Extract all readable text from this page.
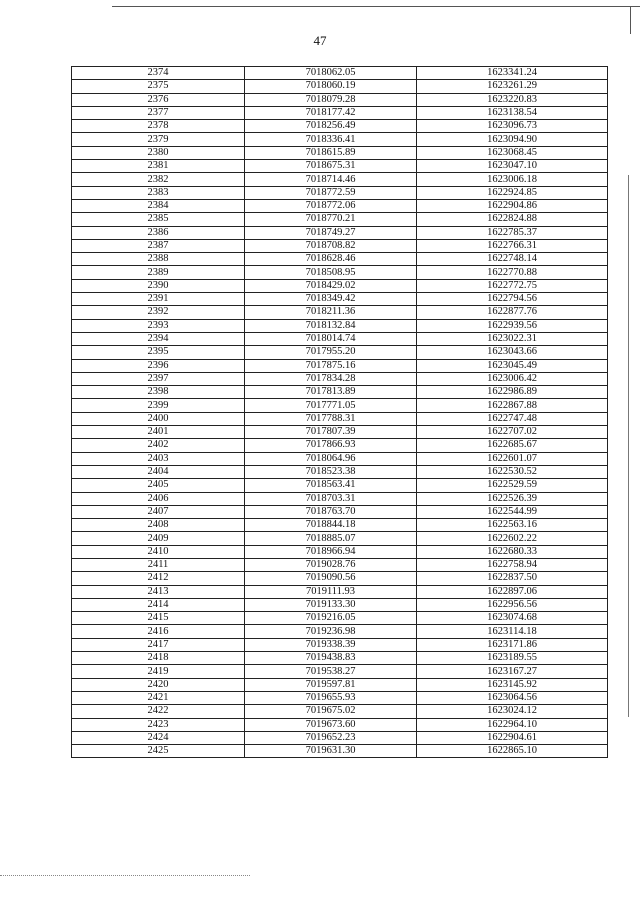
47
2374	7018062.05	1623341.24
2375	7018060.19	1623261.29
2376	7018079.28	1623220.83
2377	7018177.42	1623138.54
2378	7018256.49	1623096.73
2379	7018336.41	1623094.90
2380	7018615.89	1623068.45
2381	7018675.31	1623047.10
2382	7018714.46	1623006.18
2383	7018772.59	1622924.85
2384	7018772.06	1622904.86
2385	7018770.21	1622824.88
2386	7018749.27	1622785.37
2387	7018708.82	1622766.31
2388	7018628.46	1622748.14
2389	7018508.95	1622770.88
2390	7018429.02	1622772.75
2391	7018349.42	1622794.56
2392	7018211.36	1622877.76
2393	7018132.84	1622939.56
2394	7018014.74	1623022.31
2395	7017955.20	1623043.66
2396	7017875.16	1623045.49
2397	7017834.28	1623006.42
2398	7017813.89	1622986.89
2399	7017771.05	1622867.88
2400	7017788.31	1622747.48
2401	7017807.39	1622707.02
2402	7017866.93	1622685.67
2403	7018064.96	1622601.07
2404	7018523.38	1622530.52
2405	7018563.41	1622529.59
2406	7018703.31	1622526.39
2407	7018763.70	1622544.99
2408	7018844.18	1622563.16
2409	7018885.07	1622602.22
2410	7018966.94	1622680.33
2411	7019028.76	1622758.94
2412	7019090.56	1622837.50
2413	7019111.93	1622897.06
2414	7019133.30	1622956.56
2415	7019216.05	1623074.68
2416	7019236.98	1623114.18
2417	7019338.39	1623171.86
2418	7019438.83	1623189.55
2419	7019538.27	1623167.27
2420	7019597.81	1623145.92
2421	7019655.93	1623064.56
2422	7019675.02	1623024.12
2423	7019673.60	1622964.10
2424	7019652.23	1622904.61
2425	7019631.30	1622865.10
